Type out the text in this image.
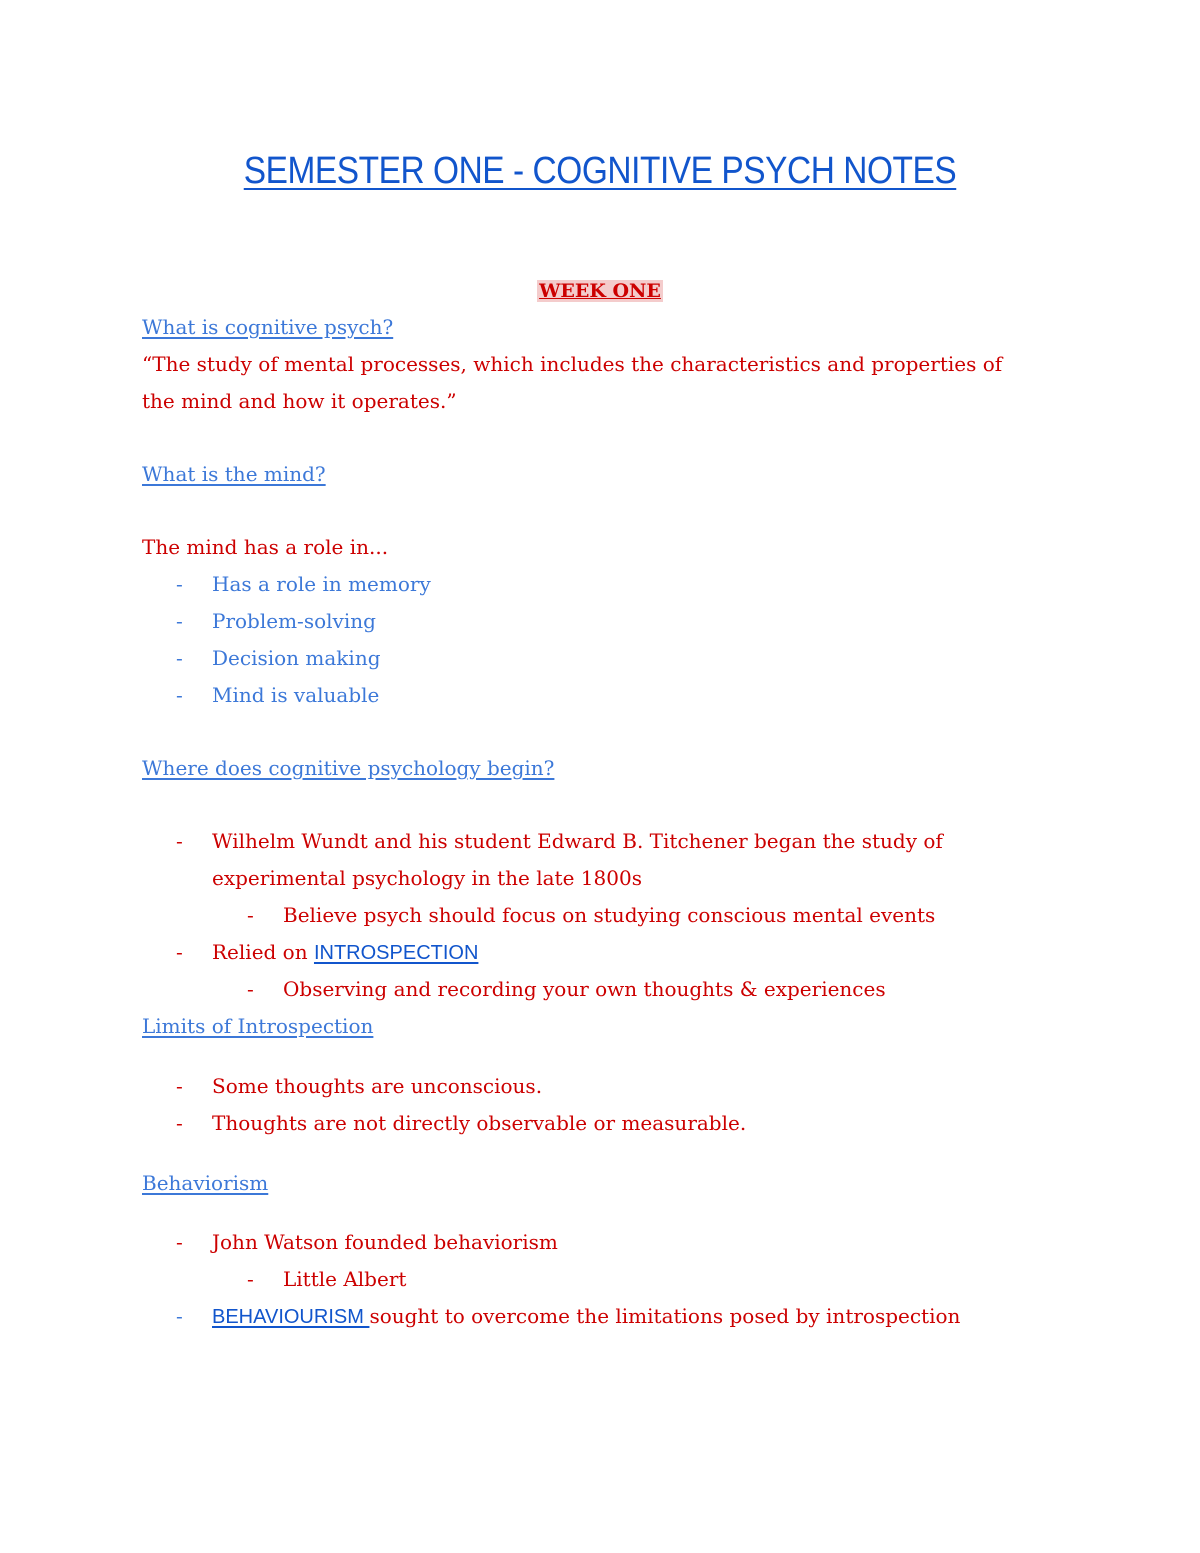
SEMESTER ONE - COGNITIVE PSYCH NOTES
WEEK ONE
What is cognitive psych?
“The study of mental processes, which includes the characteristics and properties of
the mind and how it operates.”
What is the mind?
The mind has a role in...
- Has a role in memory
- Problem-solving
- Decision making
- Mind is valuable
Where does cognitive psychology begin?
- Wilhelm Wundt and his student Edward B. Titchener began the study of
experimental psychology in the late 1800s
- Believe psych should focus on studying conscious mental events
- Relied on INTROSPECTION
- Observing and recording your own thoughts & experiences
Limits of Introspection
- Some thoughts are unconscious.
- Thoughts are not directly observable or measurable.
Behaviorism
- John Watson founded behaviorism
- Little Albert
- BEHAVIOURISM sought to overcome the limitations posed by introspection
